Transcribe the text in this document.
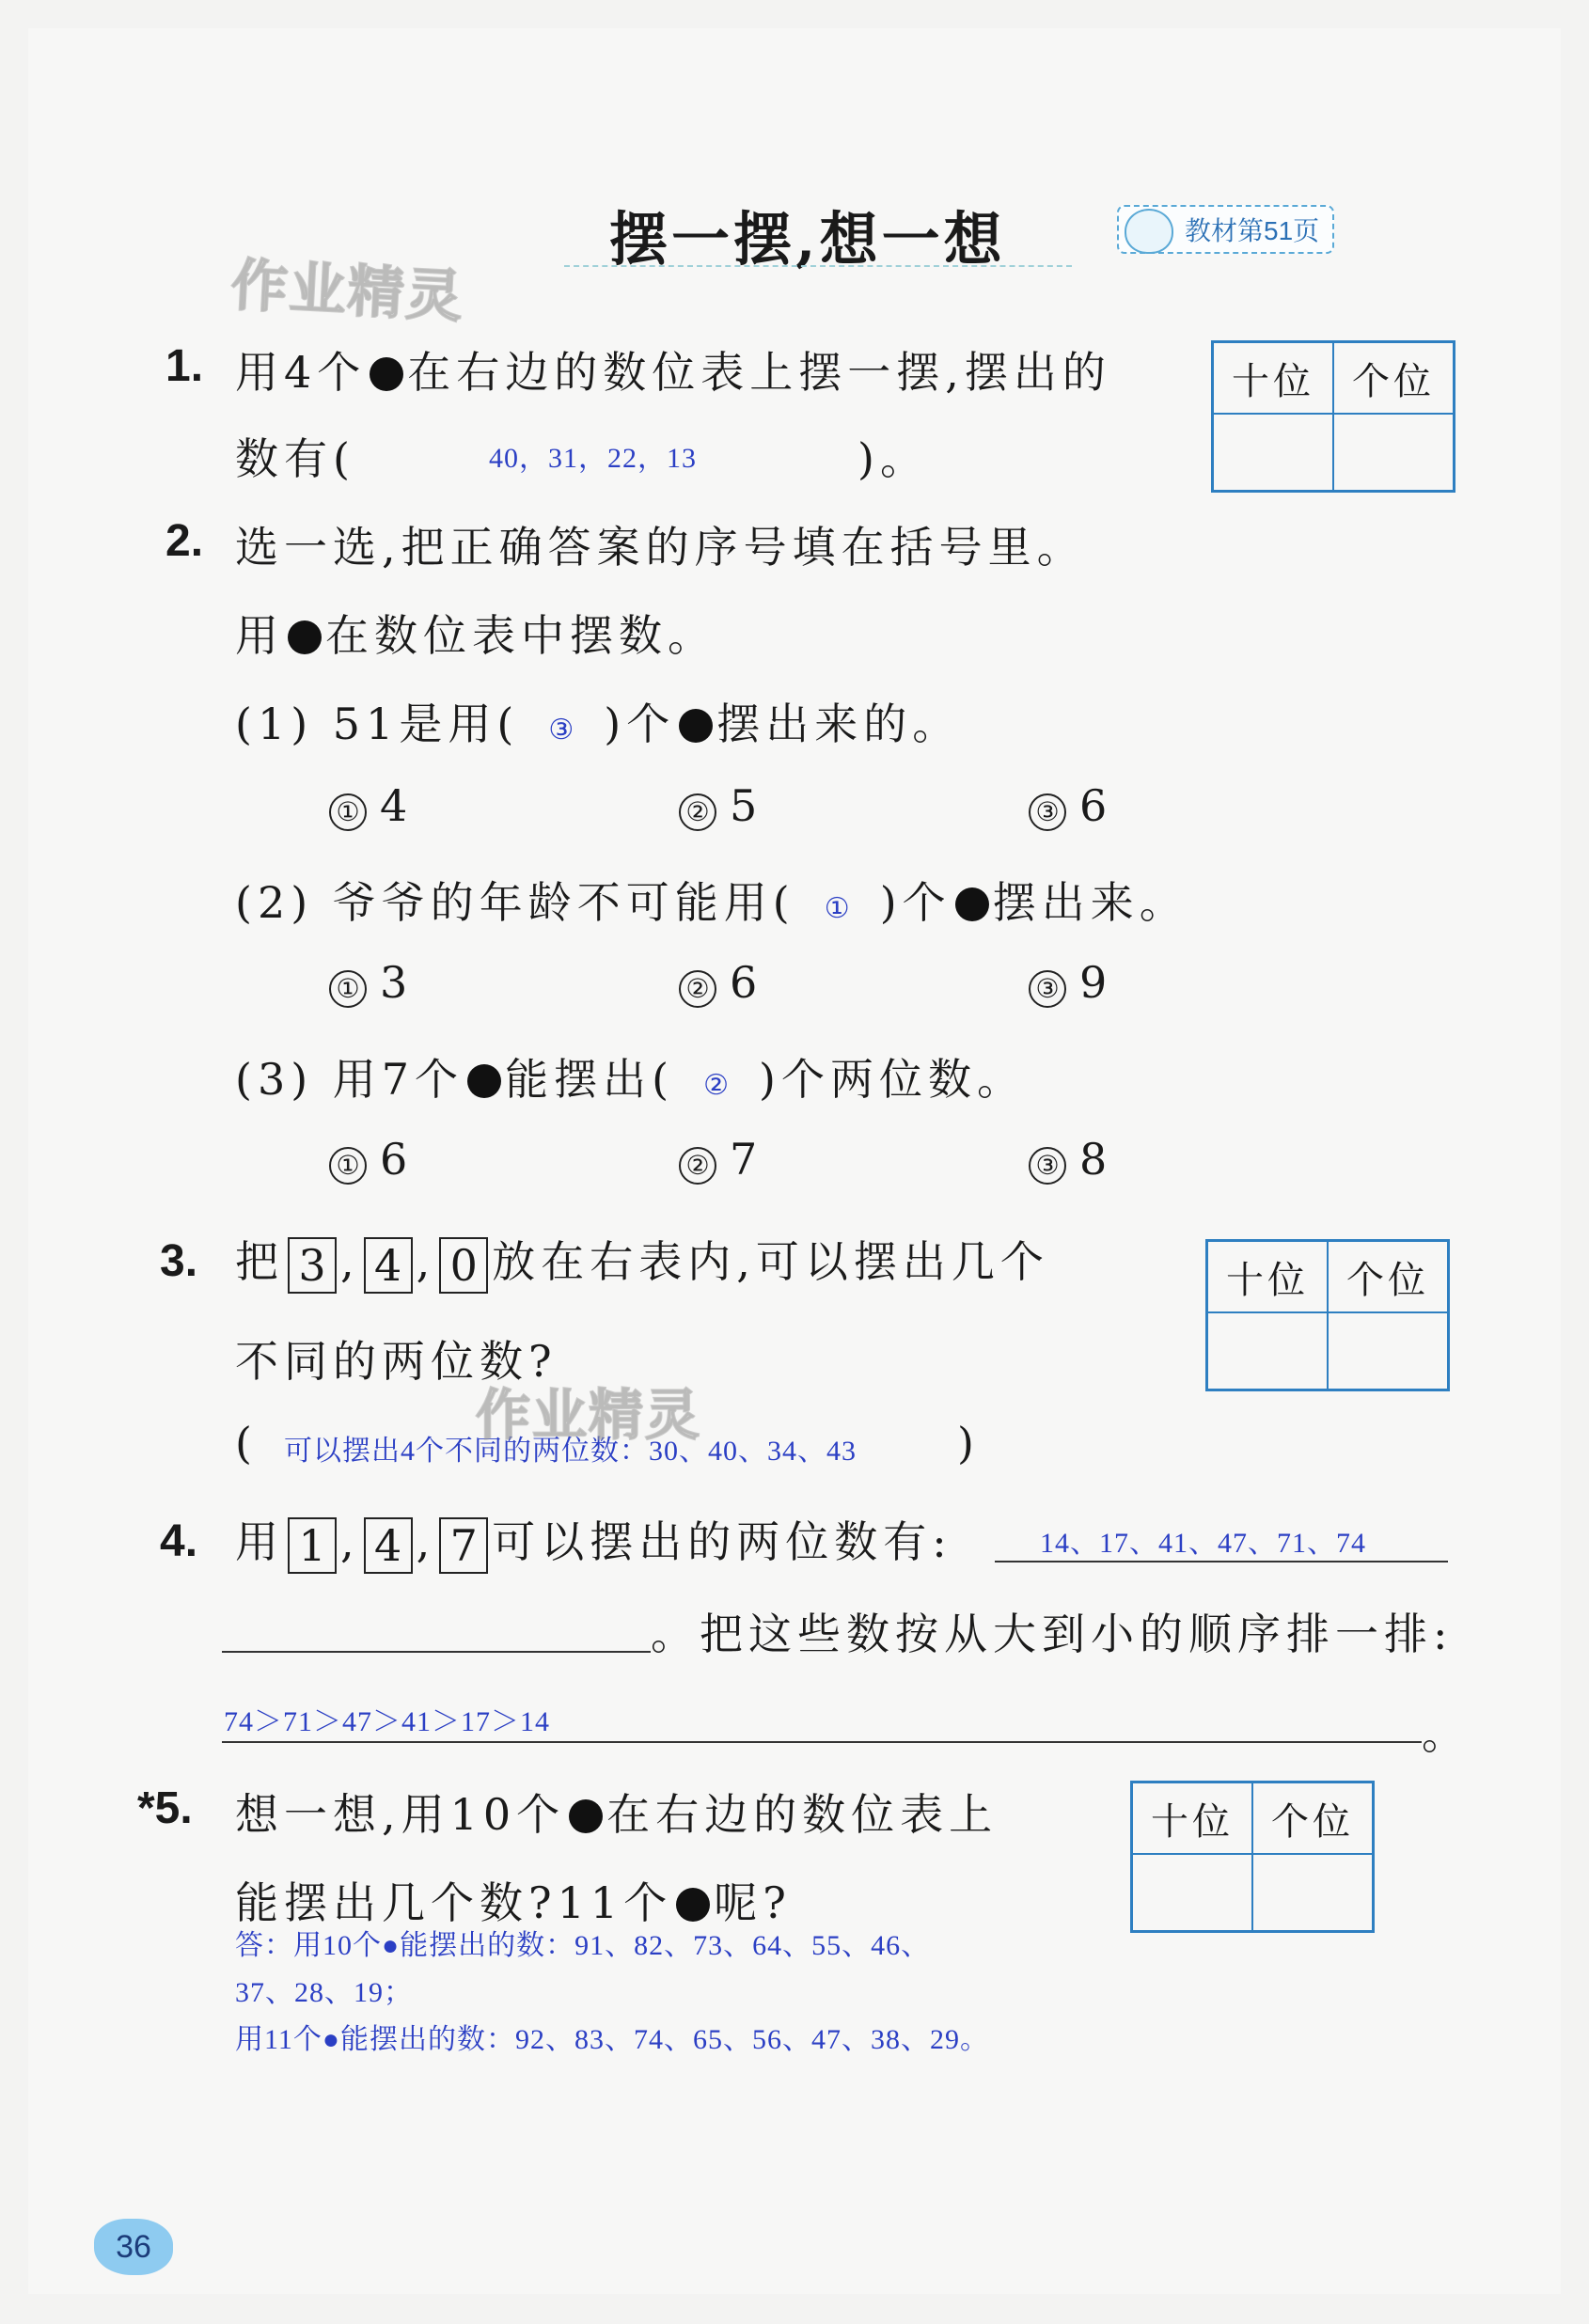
摆一摆,想一想	教材第51页
作业精灵
1. 用4个 在右边的数位表上摆一摆,摆出的
数有(	40，31，22，13	)。
十位	个位

2. 选一选,把正确答案的序号填在括号里。
用 在数位表中摆数。
(1) 51是用( ③ )个 摆出来的。
① 4	② 5	③ 6
(2) 爷爷的年龄不可能用( ① )个 摆出来。
① 3	② 6	③ 9
(3) 用7个 能摆出( ② )个两位数。
① 6	② 7	③ 8
3. 把 3 , 4 , 0 放在右表内,可以摆出几个
不同的两位数?
( 可以摆出4个不同的两位数：30、40、34、43 )
作业精灵
十位	个位

4. 用 1 , 4 , 7 可以摆出的两位数有:	14、17、41、47、71、74
。把这些数按从大到小的顺序排一排:
74＞71＞47＞41＞17＞14	。
*5. 想一想,用10个 在右边的数位表上
能摆出几个数?11个 呢?
答：用10个●能摆出的数：91、82、73、64、55、46、
37、28、19；
用11个●能摆出的数：92、83、74、65、56、47、38、29。
十位	个位

36
